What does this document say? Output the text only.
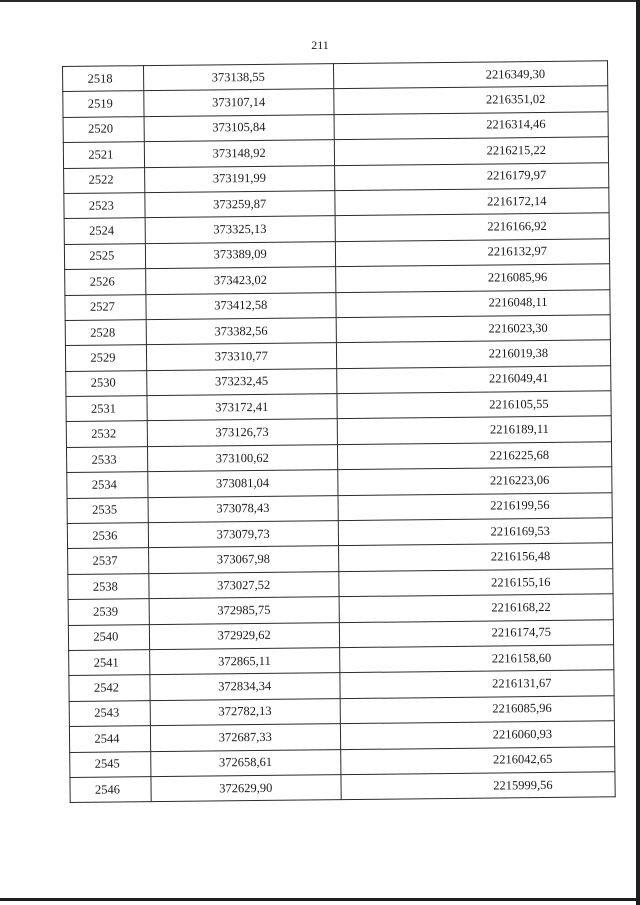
211
2518	373138,55	2216349,30
2519	373107,14	2216351,02
2520	373105,84	2216314,46
2521	373148,92	2216215,22
2522	373191,99	2216179,97
2523	373259,87	2216172,14
2524	373325,13	2216166,92
2525	373389,09	2216132,97
2526	373423,02	2216085,96
2527	373412,58	2216048,11
2528	373382,56	2216023,30
2529	373310,77	2216019,38
2530	373232,45	2216049,41
2531	373172,41	2216105,55
2532	373126,73	2216189,11
2533	373100,62	2216225,68
2534	373081,04	2216223,06
2535	373078,43	2216199,56
2536	373079,73	2216169,53
2537	373067,98	2216156,48
2538	373027,52	2216155,16
2539	372985,75	2216168,22
2540	372929,62	2216174,75
2541	372865,11	2216158,60
2542	372834,34	2216131,67
2543	372782,13	2216085,96
2544	372687,33	2216060,93
2545	372658,61	2216042,65
2546	372629,90	2215999,56
